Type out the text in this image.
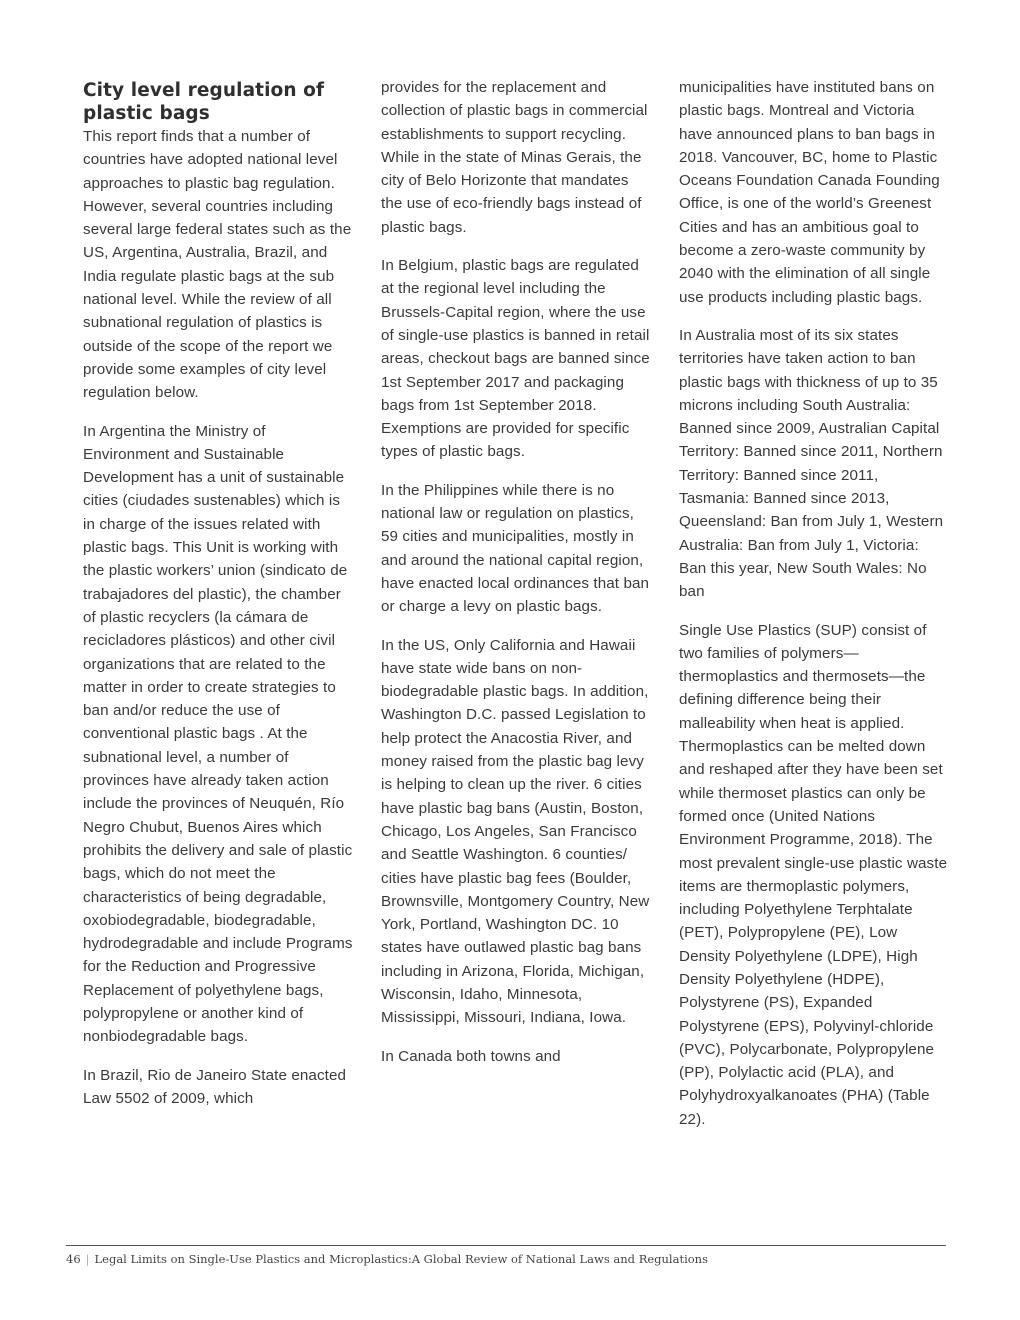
City level regulation of plastic bags

This report finds that a number of countries have adopted national level approaches to plastic bag regulation. However, several countries including several large federal states such as the US, Argentina, Australia, Brazil, and India regulate plastic bags at the sub national level. While the review of all subnational regulation of plastics is outside of the scope of the report we provide some examples of city level regulation below.

In Argentina the Ministry of Environment and Sustainable Development has a unit of sustainable cities (ciudades sustenables) which is in charge of the issues related with plastic bags. This Unit is working with the plastic workers’ union (sindicato de trabajadores del plastic), the chamber of plastic recyclers (la cámara de recicladores plásticos) and other civil organizations that are related to the matter in order to create strategies to ban and/or reduce the use of conventional plastic bags . At the subnational level, a number of provinces have already taken action include the provinces of Neuquén, Río Negro Chubut, Buenos Aires which prohibits the delivery and sale of plastic bags, which do not meet the characteristics of being degradable, oxobiodegradable, biodegradable, hydrodegradable and include Programs for the Reduction and Progressive Replacement of polyethylene bags, polypropylene or another kind of nonbiodegradable bags.

In Brazil, Rio de Janeiro State enacted Law 5502 of 2009, which

provides for the replacement and collection of plastic bags in commercial establishments to support recycling. While in the state of Minas Gerais, the city of Belo Horizonte that mandates the use of eco-friendly bags instead of plastic bags.

In Belgium, plastic bags are regulated at the regional level including the Brussels-Capital region, where the use of single-use plastics is banned in retail areas, checkout bags are banned since 1st September 2017 and packaging bags from 1st September 2018. Exemptions are provided for specific types of plastic bags.

In the Philippines while there is no national law or regulation on plastics, 59 cities and municipalities, mostly in and around the national capital region, have enacted local ordinances that ban or charge a levy on plastic bags.

In the US, Only California and Hawaii have state wide bans on non- biodegradable plastic bags. In addition, Washington D.C. passed Legislation to help protect the Anacostia River, and money raised from the plastic bag levy is helping to clean up the river. 6 cities have plastic bag bans (Austin, Boston, Chicago, Los Angeles, San Francisco and Seattle Washington. 6 counties/ cities have plastic bag fees (Boulder, Brownsville, Montgomery Country, New York, Portland, Washington DC. 10 states have outlawed plastic bag bans including in Arizona, Florida, Michigan, Wisconsin, Idaho, Minnesota, Mississippi, Missouri, Indiana, Iowa.

In Canada both towns and

municipalities have instituted bans on plastic bags. Montreal and Victoria have announced plans to ban bags in 2018. Vancouver, BC, home to Plastic Oceans Foundation Canada Founding Office, is one of the world’s Greenest Cities and has an ambitious goal to become a zero-waste community by 2040 with the elimination of all single use products including plastic bags.

In Australia most of its six states territories have taken action to ban plastic bags with thickness of up to 35 microns including South Australia: Banned since 2009, Australian Capital Territory: Banned since 2011, Northern Territory: Banned since 2011, Tasmania: Banned since 2013, Queensland: Ban from July 1, Western Australia: Ban from July 1, Victoria: Ban this year, New South Wales: No ban

Single Use Plastics (SUP) consist of two families of polymers—thermoplastics and thermosets—the defining difference being their malleability when heat is applied. Thermoplastics can be melted down and reshaped after they have been set while thermoset plastics can only be formed once (United Nations Environment Programme, 2018). The most prevalent single-use plastic waste items are thermoplastic polymers, including Polyethylene Terphtalate (PET), Polypropylene (PE), Low Density Polyethylene (LDPE), High Density Polyethylene (HDPE), Polystyrene (PS), Expanded Polystyrene (EPS), Polyvinyl-chloride (PVC), Polycarbonate, Polypropylene (PP), Polylactic acid (PLA), and Polyhydroxyalkanoates (PHA) (Table 22).

46 | Legal Limits on Single-Use Plastics and Microplastics:A Global Review of National Laws and Regulations
